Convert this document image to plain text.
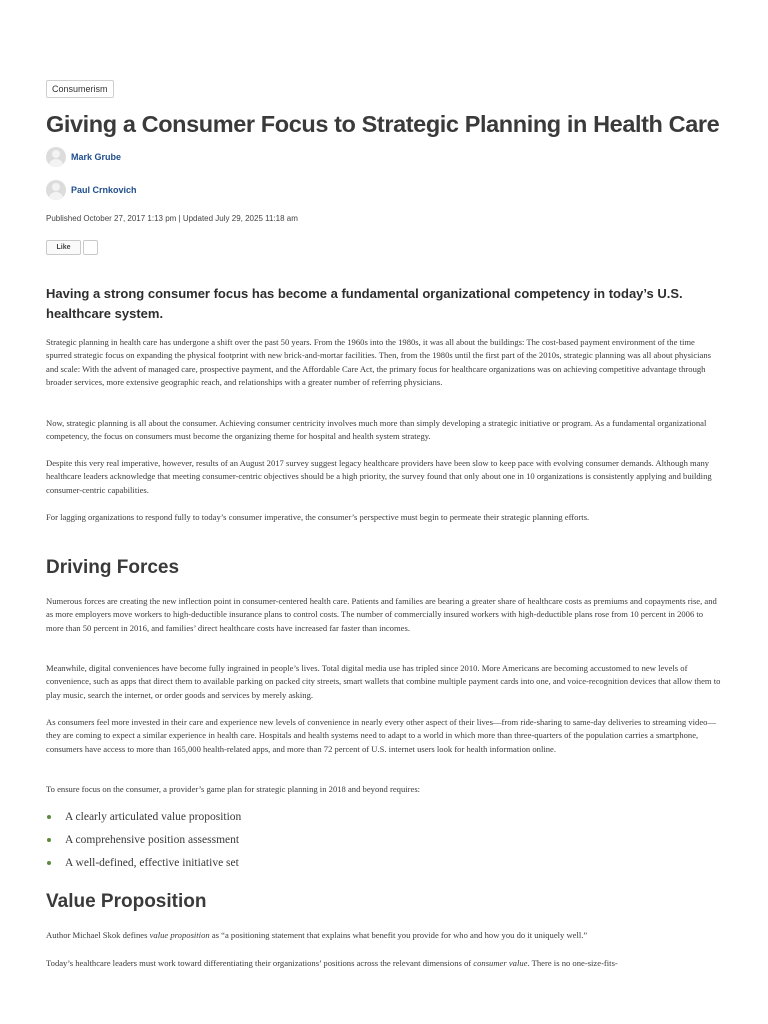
Consumerism
Giving a Consumer Focus to Strategic Planning in Health Care
Mark Grube
Paul Crnkovich
Published October 27, 2017 1:13 pm | Updated July 29, 2025 11:18 am
Like

Having a strong consumer focus has become a fundamental organizational competency in today’s U.S. healthcare system.

Strategic planning in health care has undergone a shift over the past 50 years. From the 1960s into the 1980s, it was all about the buildings: The cost-based payment environment of the time spurred strategic focus on expanding the physical footprint with new brick-and-mortar facilities. Then, from the 1980s until the first part of the 2010s, strategic planning was all about physicians and scale: With the advent of managed care, prospective payment, and the Affordable Care Act, the primary focus for healthcare organizations was on achieving competitive advantage through broader services, more extensive geographic reach, and relationships with a greater number of referring physicians.

Now, strategic planning is all about the consumer. Achieving consumer centricity involves much more than simply developing a strategic initiative or program. As a fundamental organizational competency, the focus on consumers must become the organizing theme for hospital and health system strategy.

Despite this very real imperative, however, results of an August 2017 survey suggest legacy healthcare providers have been slow to keep pace with evolving consumer demands. Although many healthcare leaders acknowledge that meeting consumer-centric objectives should be a high priority, the survey found that only about one in 10 organizations is consistently applying and building consumer-centric capabilities.

For lagging organizations to respond fully to today’s consumer imperative, the consumer’s perspective must begin to permeate their strategic planning efforts.

Driving Forces

Numerous forces are creating the new inflection point in consumer-centered health care. Patients and families are bearing a greater share of healthcare costs as premiums and copayments rise, and as more employers move workers to high-deductible insurance plans to control costs. The number of commercially insured workers with high-deductible plans rose from 10 percent in 2006 to more than 50 percent in 2016, and families’ direct healthcare costs have increased far faster than incomes.

Meanwhile, digital conveniences have become fully ingrained in people’s lives. Total digital media use has tripled since 2010. More Americans are becoming accustomed to new levels of convenience, such as apps that direct them to available parking on packed city streets, smart wallets that combine multiple payment cards into one, and voice-recognition devices that allow them to play music, search the internet, or order goods and services by merely asking.

As consumers feel more invested in their care and experience new levels of convenience in nearly every other aspect of their lives—from ride-sharing to same-day deliveries to streaming video—they are coming to expect a similar experience in health care. Hospitals and health systems need to adapt to a world in which more than three-quarters of the population carries a smartphone, consumers have access to more than 165,000 health-related apps, and more than 72 percent of U.S. internet users look for health information online.

To ensure focus on the consumer, a provider’s game plan for strategic planning in 2018 and beyond requires:

A clearly articulated value proposition
A comprehensive position assessment
A well-defined, effective initiative set
Value Proposition

Author Michael Skok defines value proposition as “a positioning statement that explains what benefit you provide for who and how you do it uniquely well.”

Today’s healthcare leaders must work toward differentiating their organizations’ positions across the relevant dimensions of consumer value. There is no one-size-fits-
